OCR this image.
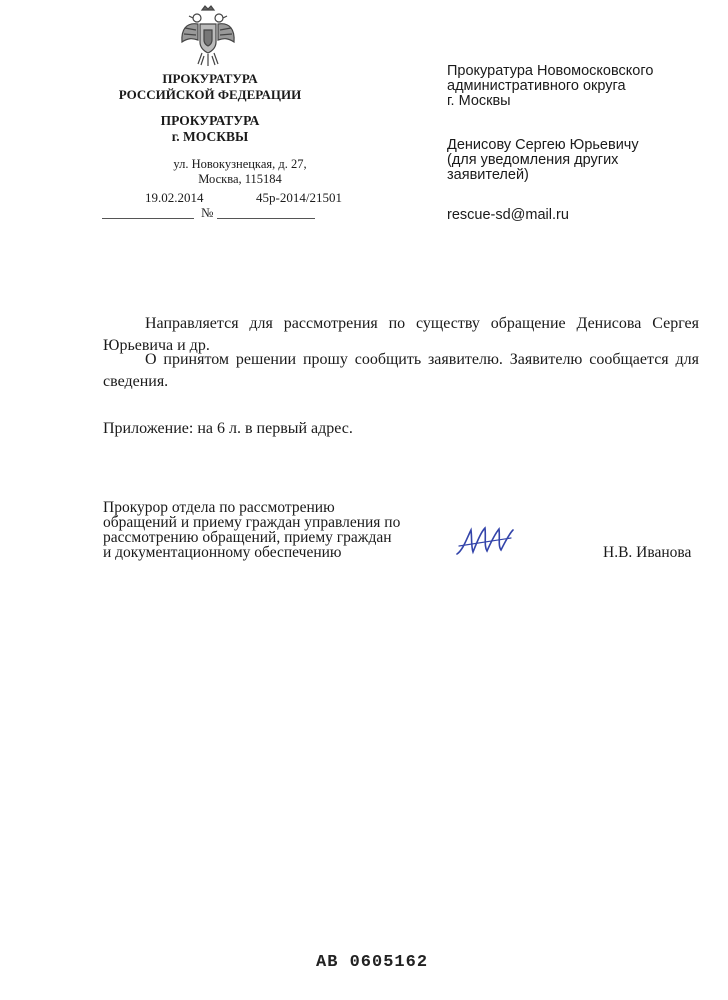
ПРОКУРАТУРА
РОССИЙСКОЙ ФЕДЕРАЦИИ
ПРОКУРАТУРА
г. МОСКВЫ
ул. Новокузнецкая, д. 27,
Москва, 115184
19.02.2014	45р-2014/21501
№
Прокуратура Новомосковского
административного округа
г. Москвы
Денисову Сергею Юрьевичу
(для уведомления других
заявителей)
rescue-sd@mail.ru
Направляется для рассмотрения по существу обращение Денисова Сергея Юрьевича и др.
О принятом решении прошу сообщить заявителю. Заявителю сообщается для сведения.
Приложение: на 6 л. в первый адрес.
Прокурор отдела по рассмотрению
обращений и приему граждан управления по
рассмотрению обращений, приему граждан
и документационному обеспечению	Н.В. Иванова
АВ 0605162
